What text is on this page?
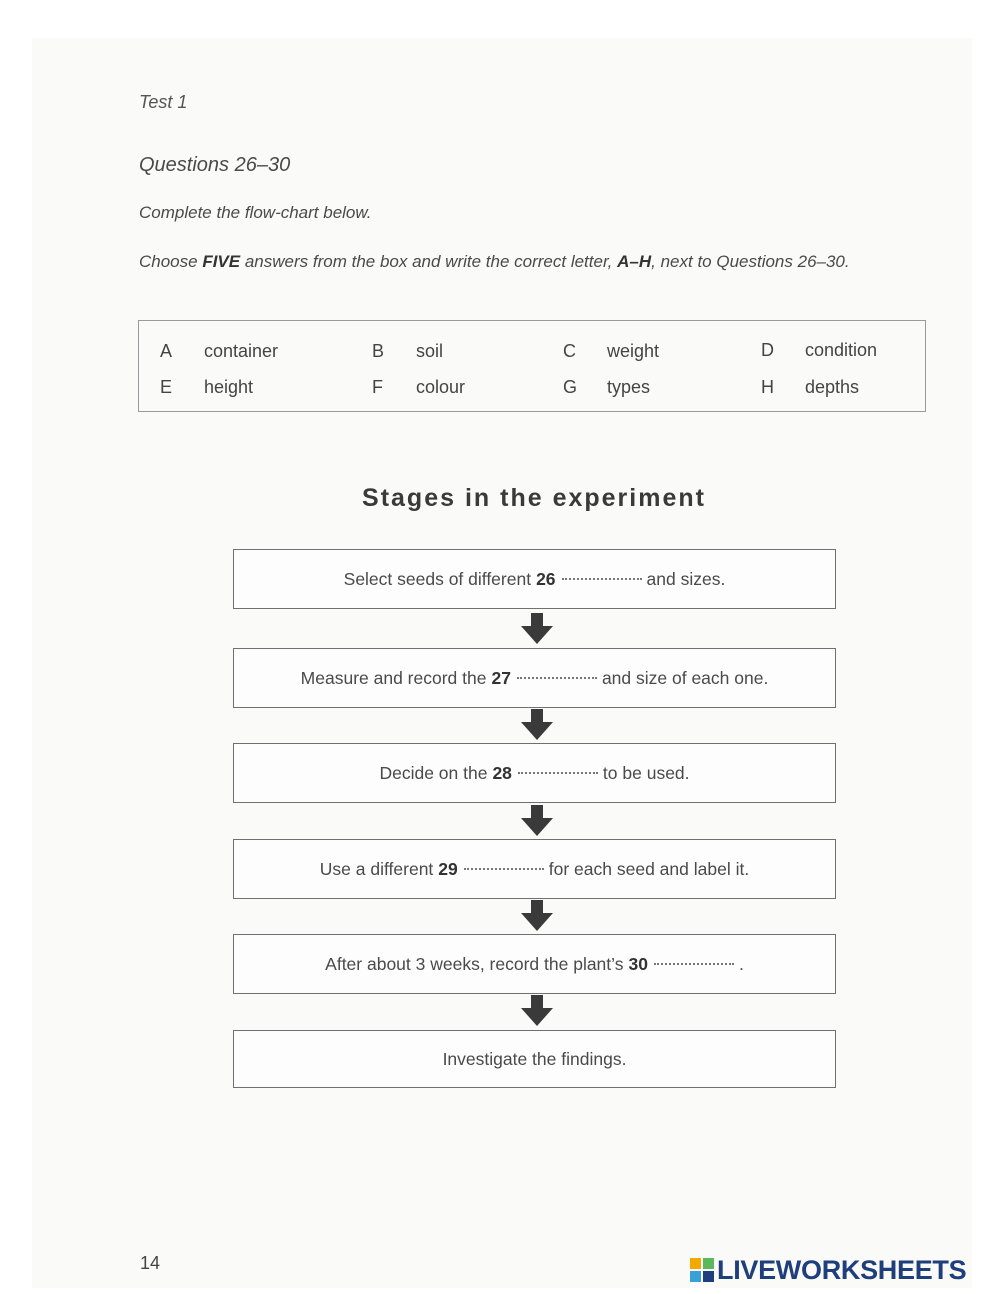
Test 1
Questions 26–30
Complete the flow-chart below.
Choose FIVE answers from the box and write the correct letter, A–H, next to Questions 26–30.
A	container	B	soil	C	weight	D	condition
E	height	F	colour	G	types	H	depths
Stages in the experiment
Select seeds of different 26	and sizes.
Measure and record the 27	and size of each one.
Decide on the 28	to be used.
Use a different 29	for each seed and label it.
After about 3 weeks, record the plant’s 30	.
Investigate the findings.
14	LIVEWORKSHEETS
